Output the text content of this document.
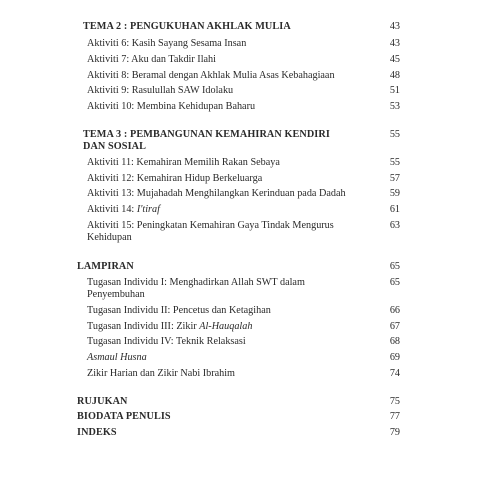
TEMA 2 : PENGUKUHAN AKHLAK MULIA	43
Aktiviti 6: Kasih Sayang Sesama Insan	43
Aktiviti 7: Aku dan Takdir Ilahi	45
Aktiviti 8: Beramal dengan Akhlak Mulia Asas Kebahagiaan	48
Aktiviti 9: Rasulullah SAW Idolaku	51
Aktiviti 10: Membina Kehidupan Baharu	53
TEMA 3 : PEMBANGUNAN KEMAHIRAN KENDIRI	55
DAN SOSIAL
Aktiviti 11: Kemahiran Memilih Rakan Sebaya	55
Aktiviti 12: Kemahiran Hidup Berkeluarga	57
Aktiviti 13: Mujahadah Menghilangkan Kerinduan pada Dadah	59
Aktiviti 14: I'tiraf	61
Aktiviti 15: Peningkatan Kemahiran Gaya Tindak Mengurus	63
Kehidupan
LAMPIRAN	65
Tugasan Individu I: Menghadirkan Allah SWT dalam	65
Penyembuhan
Tugasan Individu II: Pencetus dan Ketagihan	66
Tugasan Individu III: Zikir Al-Hauqalah	67
Tugasan Individu IV: Teknik Relaksasi	68
Asmaul Husna	69
Zikir Harian dan Zikir Nabi Ibrahim	74
RUJUKAN	75
BIODATA PENULIS	77
INDEKS	79
